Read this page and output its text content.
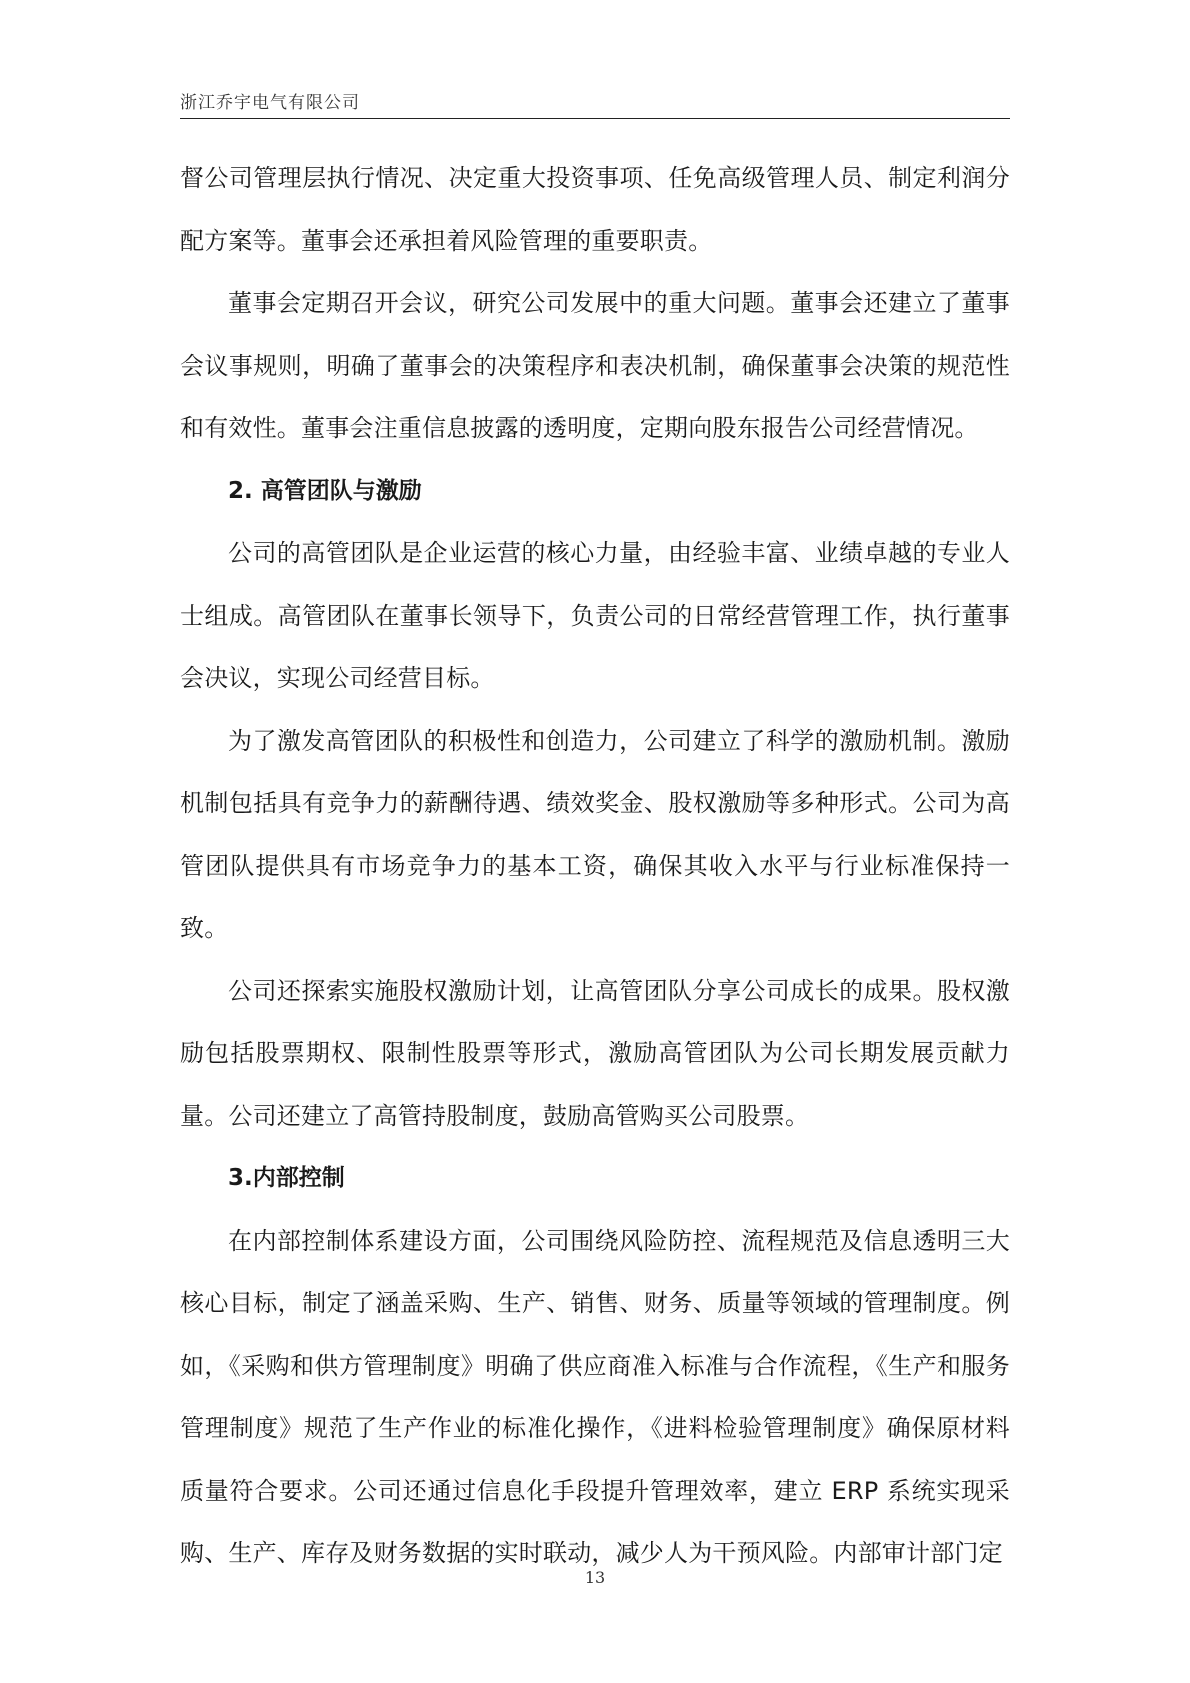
浙江乔宇电气有限公司

督公司管理层执行情况、决定重大投资事项、任免高级管理人员、制定利润分配方案等。董事会还承担着风险管理的重要职责。

董事会定期召开会议，研究公司发展中的重大问题。董事会还建立了董事会议事规则，明确了董事会的决策程序和表决机制，确保董事会决策的规范性和有效性。董事会注重信息披露的透明度，定期向股东报告公司经营情况。

2. 高管团队与激励

公司的高管团队是企业运营的核心力量，由经验丰富、业绩卓越的专业人士组成。高管团队在董事长领导下，负责公司的日常经营管理工作，执行董事会决议，实现公司经营目标。

为了激发高管团队的积极性和创造力，公司建立了科学的激励机制。激励机制包括具有竞争力的薪酬待遇、绩效奖金、股权激励等多种形式。公司为高管团队提供具有市场竞争力的基本工资，确保其收入水平与行业标准保持一致。

公司还探索实施股权激励计划，让高管团队分享公司成长的成果。股权激励包括股票期权、限制性股票等形式，激励高管团队为公司长期发展贡献力量。公司还建立了高管持股制度，鼓励高管购买公司股票。

3.内部控制

在内部控制体系建设方面，公司围绕风险防控、流程规范及信息透明三大核心目标，制定了涵盖采购、生产、销售、财务、质量等领域的管理制度。例如，《采购和供方管理制度》明确了供应商准入标准与合作流程，《生产和服务管理制度》规范了生产作业的标准化操作，《进料检验管理制度》确保原材料质量符合要求。公司还通过信息化手段提升管理效率，建立 ERP 系统实现采购、生产、库存及财务数据的实时联动，减少人为干预风险。内部审计部门定

13
